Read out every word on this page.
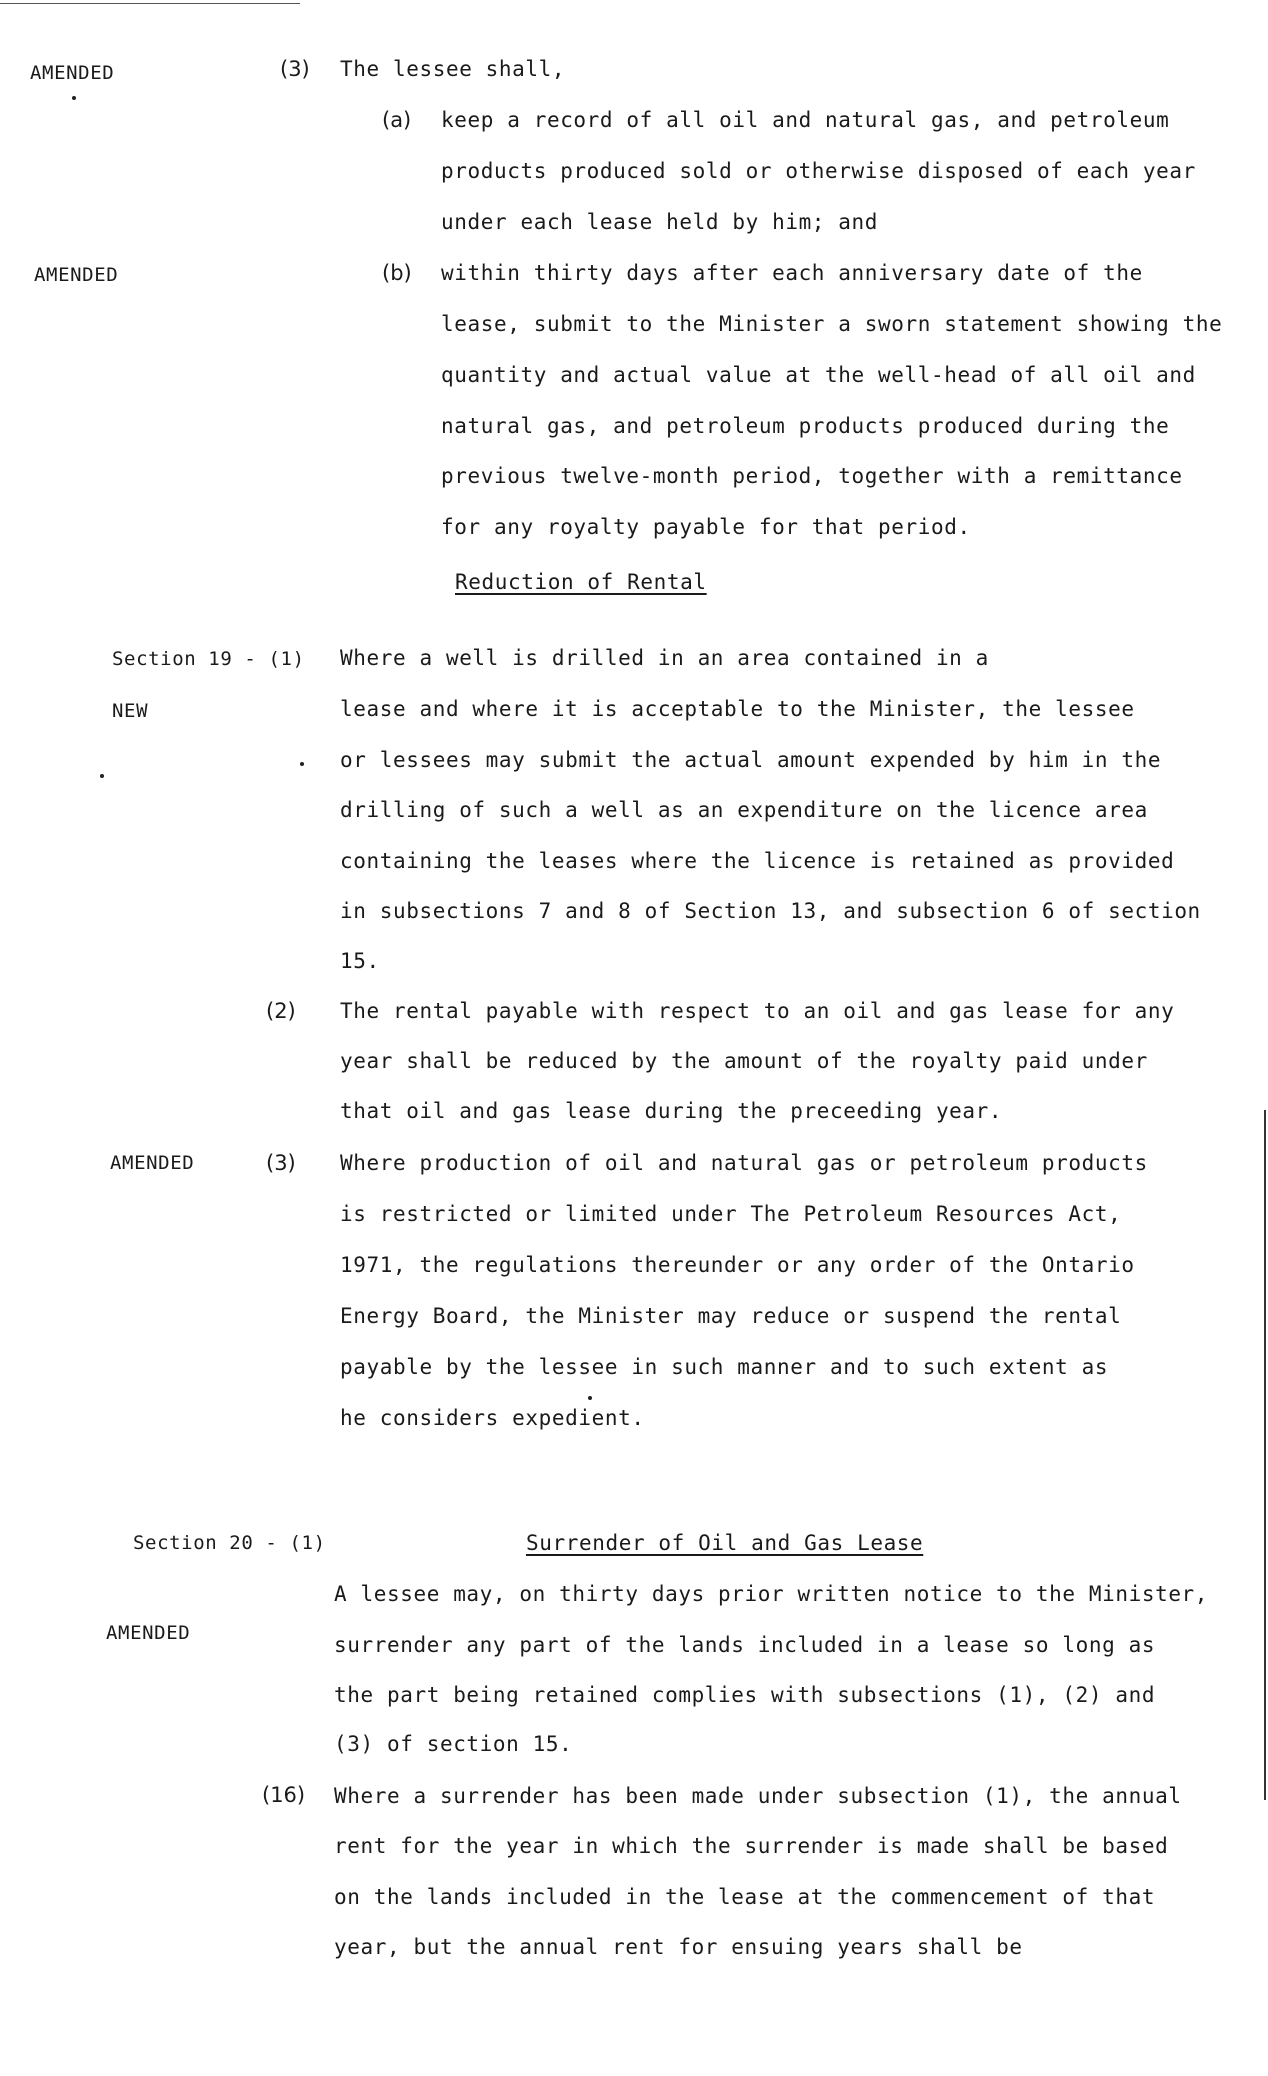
AMENDED	(3) The lessee shall,
(a) keep a record of all oil and natural gas, and petroleum
products produced sold or otherwise disposed of each year
under each lease held by him; and
AMENDED	(b) within thirty days after each anniversary date of the
lease, submit to the Minister a sworn statement showing the
quantity and actual value at the well-head of all oil and
natural gas, and petroleum products produced during the
previous twelve-month period, together with a remittance
for any royalty payable for that period.
Reduction of Rental
Section 19 - (1)
NEW
Where a well is drilled in an area contained in a
lease and where it is acceptable to the Minister, the lessee
or lessees may submit the actual amount expended by him in the
drilling of such a well as an expenditure on the licence area
containing the leases where the licence is retained as provided
in subsections 7 and 8 of Section 13, and subsection 6 of section
15.
(2) The rental payable with respect to an oil and gas lease for any
year shall be reduced by the amount of the royalty paid under
that oil and gas lease during the preceeding year.
AMENDED	(3) Where production of oil and natural gas or petroleum products
is restricted or limited under The Petroleum Resources Act,
1971, the regulations thereunder or any order of the Ontario
Energy Board, the Minister may reduce or suspend the rental
payable by the lessee in such manner and to such extent as
he considers expedient.
Section 20 - (1)	Surrender of Oil and Gas Lease
A lessee may, on thirty days prior written notice to the Minister,
AMENDED	surrender any part of the lands included in a lease so long as
the part being retained complies with subsections (1), (2) and
(3) of section 15.
(16) Where a surrender has been made under subsection (1), the annual
rent for the year in which the surrender is made shall be based
on the lands included in the lease at the commencement of that
year, but the annual rent for ensuing years shall be
